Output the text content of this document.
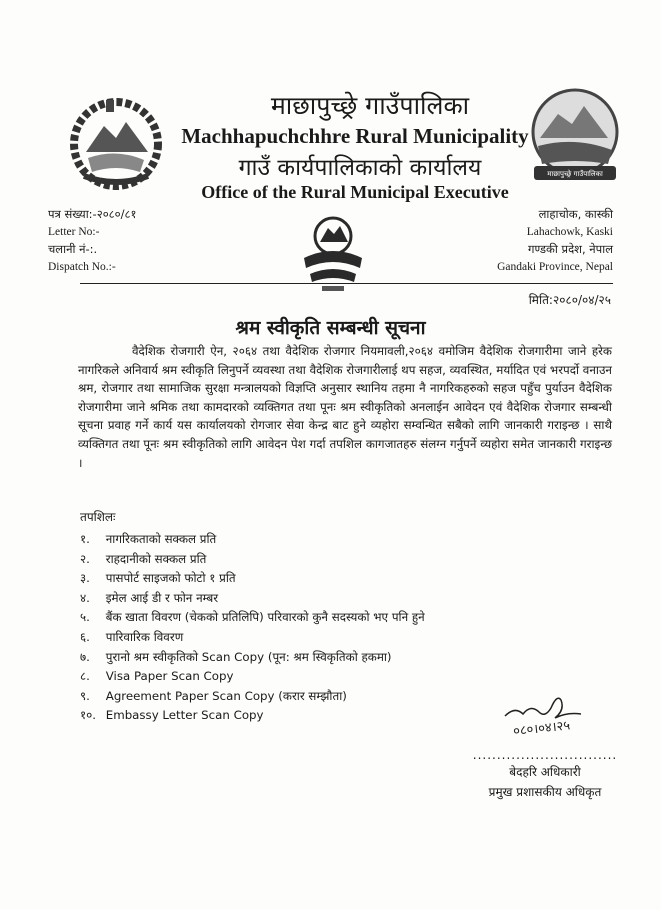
माछापुच्छ्रे गाउँपालिका
Machhapuchchhre Rural Municipality
गाउँ कार्यपालिकाको कार्यालय
Office of the Rural Municipal Executive
माछापुच्छ्रे गाउँपालिका
पत्र संख्या:-२०८०/८१
Letter No:-
चलानी नं-:.
Dispatch No.:-
लाहाचोक, कास्की
Lahachowk, Kaski
गण्डकी प्रदेश, नेपाल
Gandaki Province, Nepal
मिति:२०८०/०४/२५
श्रम स्वीकृति सम्बन्धी सूचना
वैदेशिक रोजगारी ऐन, २०६४ तथा वैदेशिक रोजगार नियमावली,२०६४ वमोजिम वैदेशिक रोजगारीमा जाने हरेक नागरिकले अनिवार्य श्रम स्वीकृति लिनुपर्ने व्यवस्था तथा वैदेशिक रोजगारीलाई थप सहज, व्यवस्थित, मर्यादित एवं भरपर्दो वनाउन श्रम, रोजगार तथा सामाजिक सुरक्षा मन्त्रालयको विज्ञप्ति अनुसार स्थानिय तहमा नै नागरिकहरुको सहज पहुँच पुर्याउन वैदेशिक रोजगारीमा जाने श्रमिक तथा कामदारको व्यक्तिगत तथा पूनः श्रम स्वीकृतिको अनलाईन आवेदन एवं वैदेशिक रोजगार सम्बन्धी सूचना प्रवाह गर्ने कार्य यस कार्यालयको रोगजार सेवा केन्द्र बाट हुने व्यहोरा सम्वन्धित सबैको लागि जानकारी गराइन्छ । साथै व्यक्तिगत तथा पूनः श्रम स्वीकृतिको लागि आवेदन पेश गर्दा तपशिल कागजातहरु संलग्न गर्नुपर्ने व्यहोरा समेत जानकारी गराइन्छ ।
तपशिलः
१. नागरिकताको सक्कल प्रति
२. राहदानीको सक्कल प्रति
३. पासपोर्ट साइजको फोटो १ प्रति
४. इमेल आई डी र फोन नम्बर
५. बैंक खाता विवरण (चेकको प्रतिलिपि) परिवारको कुनै सदस्यको भए पनि हुने
६. पारिवारिक विवरण
७. पुरानो श्रम स्वीकृतिको Scan Copy (पून: श्रम स्विकृतिको हकमा)
८. Visa Paper Scan Copy
९. Agreement Paper Scan Copy (करार सम्झौता)
१०. Embassy Letter Scan Copy
०८०।०४।२५
..............................
बेदहरि अधिकारी
प्रमुख प्रशासकीय अधिकृत
